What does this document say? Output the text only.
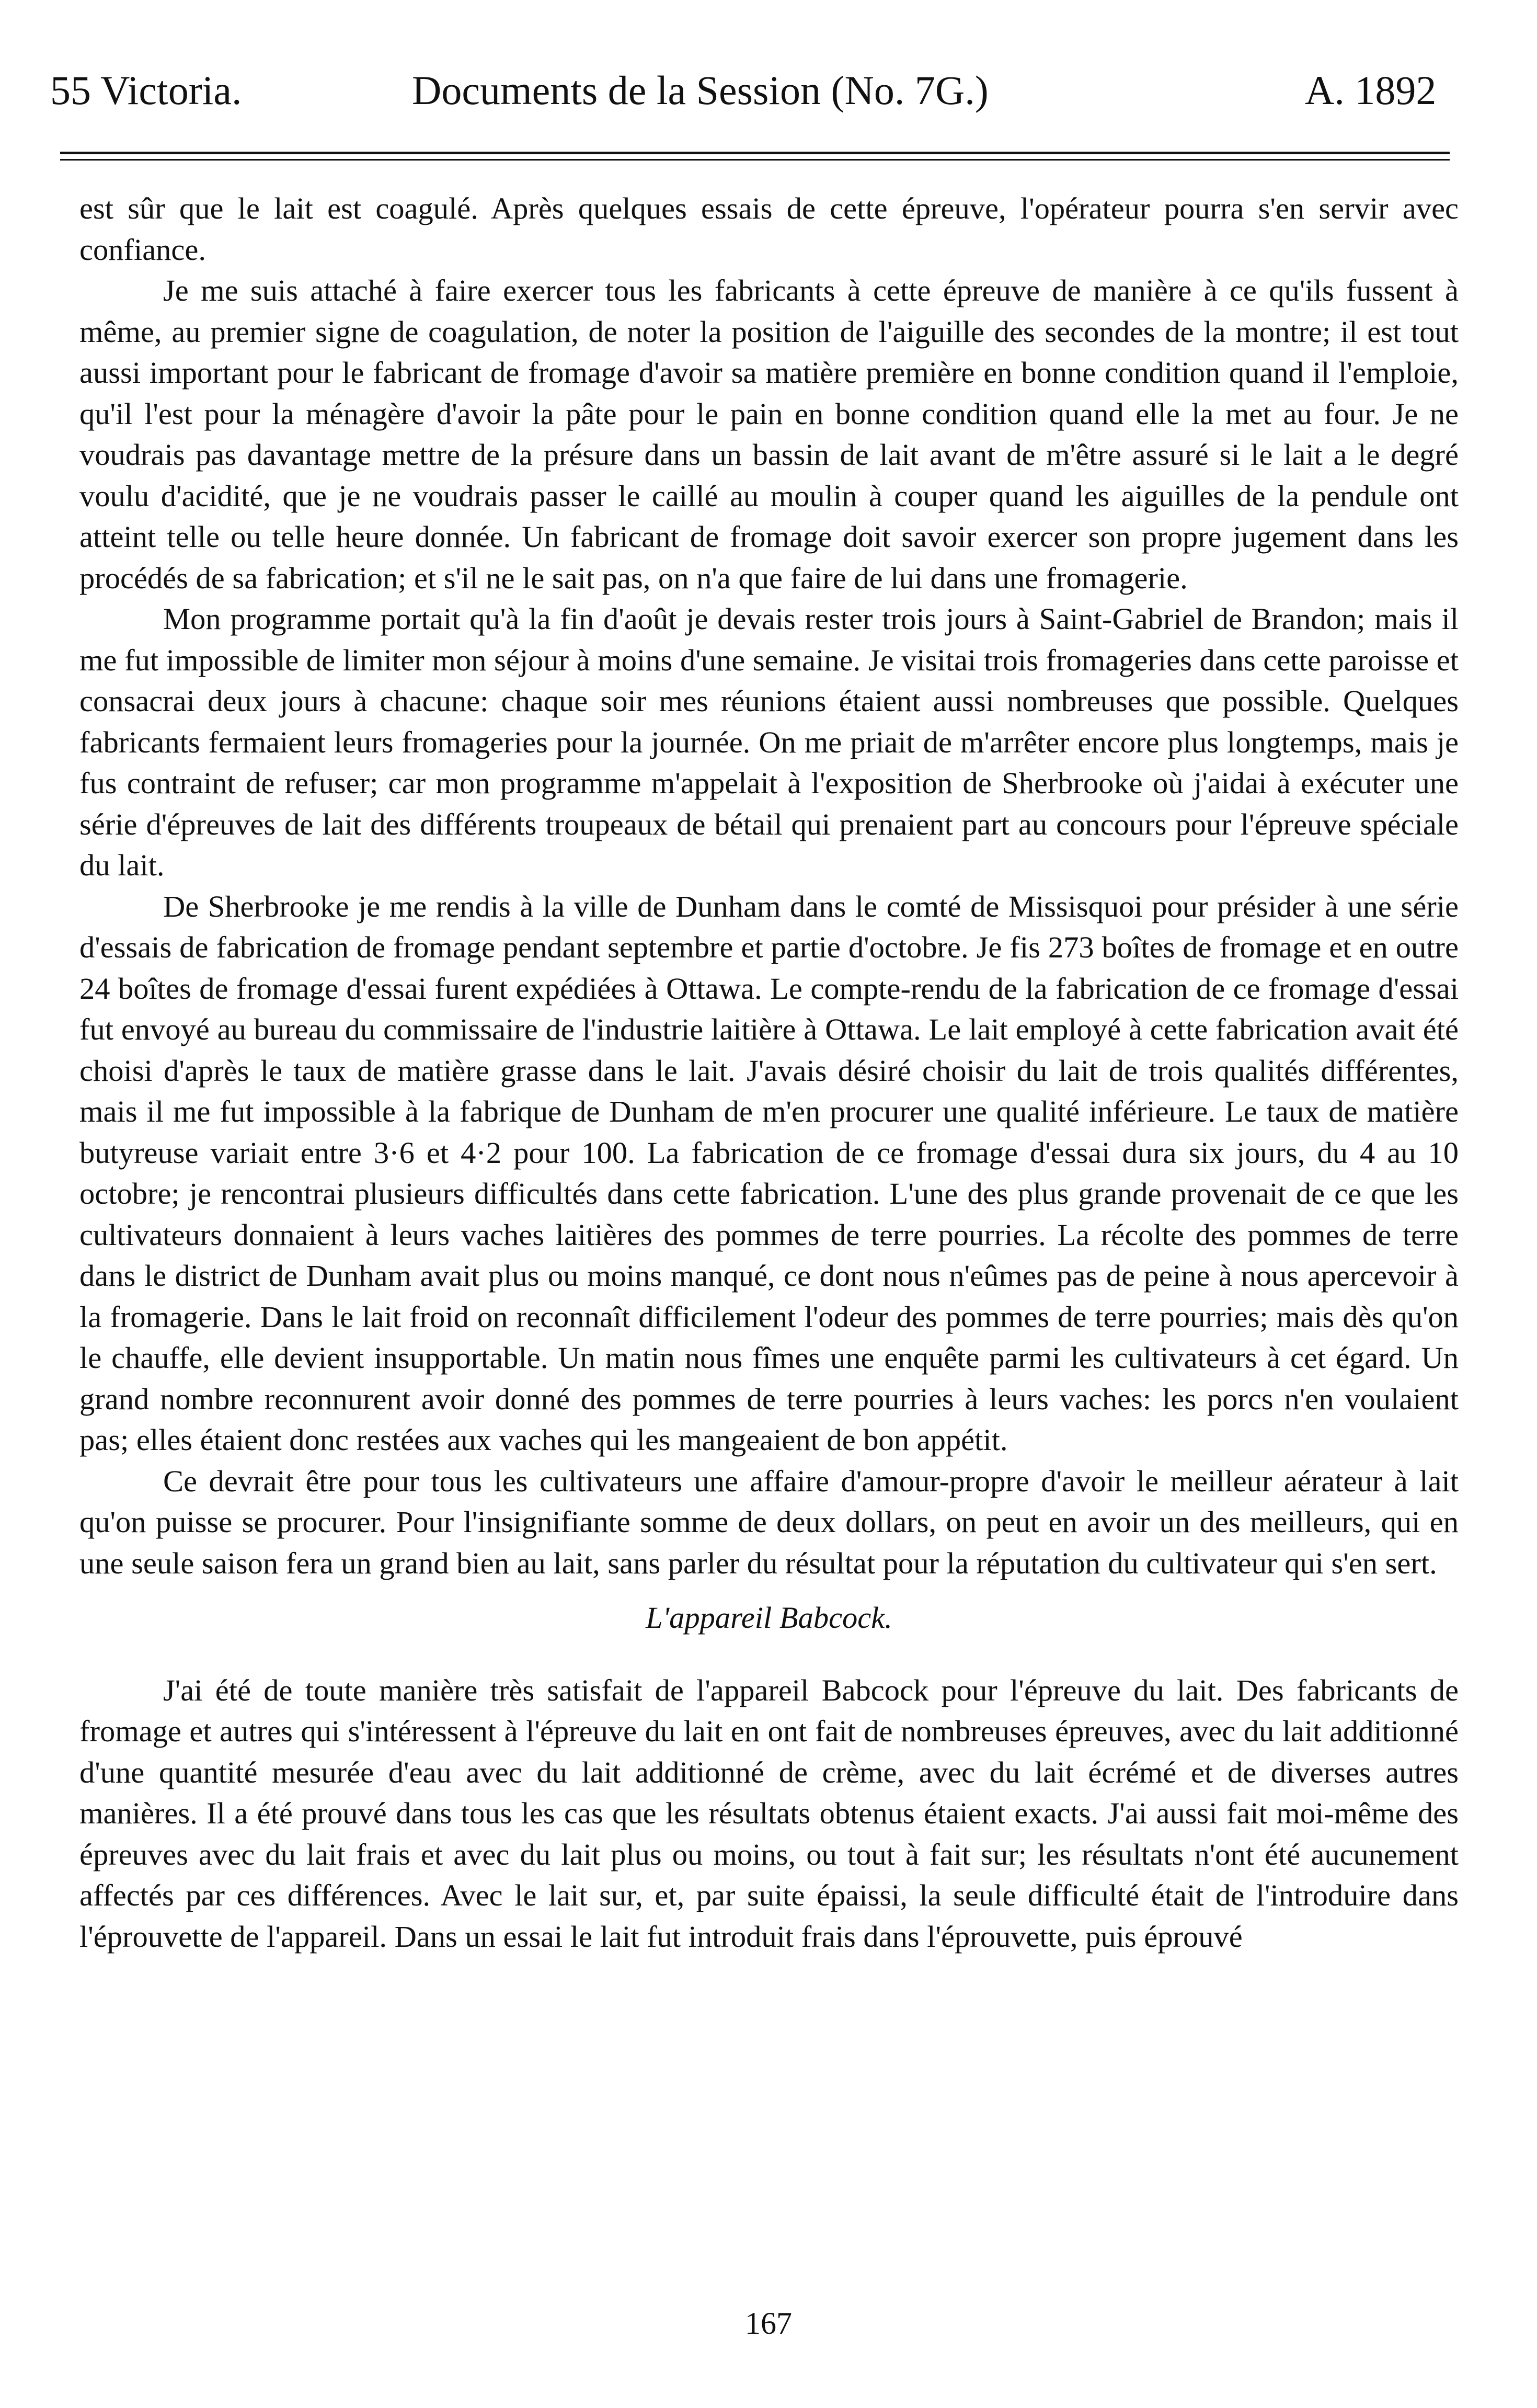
55 Victoria.	Documents de la Session (No. 7G.)	A. 1892

est sûr que le lait est coagulé. Après quelques essais de cette épreuve, l'opérateur pourra s'en servir avec confiance.

Je me suis attaché à faire exercer tous les fabricants à cette épreuve de manière à ce qu'ils fussent à même, au premier signe de coagulation, de noter la position de l'aiguille des secondes de la montre; il est tout aussi important pour le fabricant de fromage d'avoir sa matière première en bonne condition quand il l'emploie, qu'il l'est pour la ménagère d'avoir la pâte pour le pain en bonne condition quand elle la met au four. Je ne voudrais pas davantage mettre de la présure dans un bassin de lait avant de m'être assuré si le lait a le degré voulu d'acidité, que je ne voudrais passer le caillé au moulin à couper quand les aiguilles de la pendule ont atteint telle ou telle heure donnée. Un fabricant de fromage doit savoir exercer son propre jugement dans les procédés de sa fabrication; et s'il ne le sait pas, on n'a que faire de lui dans une fromagerie.

Mon programme portait qu'à la fin d'août je devais rester trois jours à Saint-Gabriel de Brandon; mais il me fut impossible de limiter mon séjour à moins d'une semaine. Je visitai trois fromageries dans cette paroisse et consacrai deux jours à chacune: chaque soir mes réunions étaient aussi nombreuses que possible. Quelques fabricants fermaient leurs fromageries pour la journée. On me priait de m'arrêter encore plus longtemps, mais je fus contraint de refuser; car mon programme m'appelait à l'exposition de Sherbrooke où j'aidai à exécuter une série d'épreuves de lait des différents troupeaux de bétail qui prenaient part au concours pour l'épreuve spéciale du lait.

De Sherbrooke je me rendis à la ville de Dunham dans le comté de Missisquoi pour présider à une série d'essais de fabrication de fromage pendant septembre et partie d'octobre. Je fis 273 boîtes de fromage et en outre 24 boîtes de fromage d'essai furent expédiées à Ottawa. Le compte-rendu de la fabrication de ce fromage d'essai fut envoyé au bureau du commissaire de l'industrie laitière à Ottawa. Le lait employé à cette fabrication avait été choisi d'après le taux de matière grasse dans le lait. J'avais désiré choisir du lait de trois qualités différentes, mais il me fut impossible à la fabrique de Dunham de m'en procurer une qualité inférieure. Le taux de matière butyreuse variait entre 3·6 et 4·2 pour 100. La fabrication de ce fromage d'essai dura six jours, du 4 au 10 octobre; je rencontrai plusieurs difficultés dans cette fabrication. L'une des plus grande provenait de ce que les cultivateurs donnaient à leurs vaches laitières des pommes de terre pourries. La récolte des pommes de terre dans le district de Dunham avait plus ou moins manqué, ce dont nous n'eûmes pas de peine à nous apercevoir à la fromagerie. Dans le lait froid on reconnaît difficilement l'odeur des pommes de terre pourries; mais dès qu'on le chauffe, elle devient insupportable. Un matin nous fîmes une enquête parmi les cultivateurs à cet égard. Un grand nombre reconnurent avoir donné des pommes de terre pourries à leurs vaches: les porcs n'en voulaient pas; elles étaient donc restées aux vaches qui les mangeaient de bon appétit.

Ce devrait être pour tous les cultivateurs une affaire d'amour-propre d'avoir le meilleur aérateur à lait qu'on puisse se procurer. Pour l'insignifiante somme de deux dollars, on peut en avoir un des meilleurs, qui en une seule saison fera un grand bien au lait, sans parler du résultat pour la réputation du cultivateur qui s'en sert.

L'appareil Babcock.

J'ai été de toute manière très satisfait de l'appareil Babcock pour l'épreuve du lait. Des fabricants de fromage et autres qui s'intéressent à l'épreuve du lait en ont fait de nombreuses épreuves, avec du lait additionné d'une quantité mesurée d'eau avec du lait additionné de crème, avec du lait écrémé et de diverses autres manières. Il a été prouvé dans tous les cas que les résultats obtenus étaient exacts. J'ai aussi fait moi-même des épreuves avec du lait frais et avec du lait plus ou moins, ou tout à fait sur; les résultats n'ont été aucunement affectés par ces différences. Avec le lait sur, et, par suite épaissi, la seule difficulté était de l'introduire dans l'éprouvette de l'appareil. Dans un essai le lait fut introduit frais dans l'éprouvette, puis éprouvé

167
